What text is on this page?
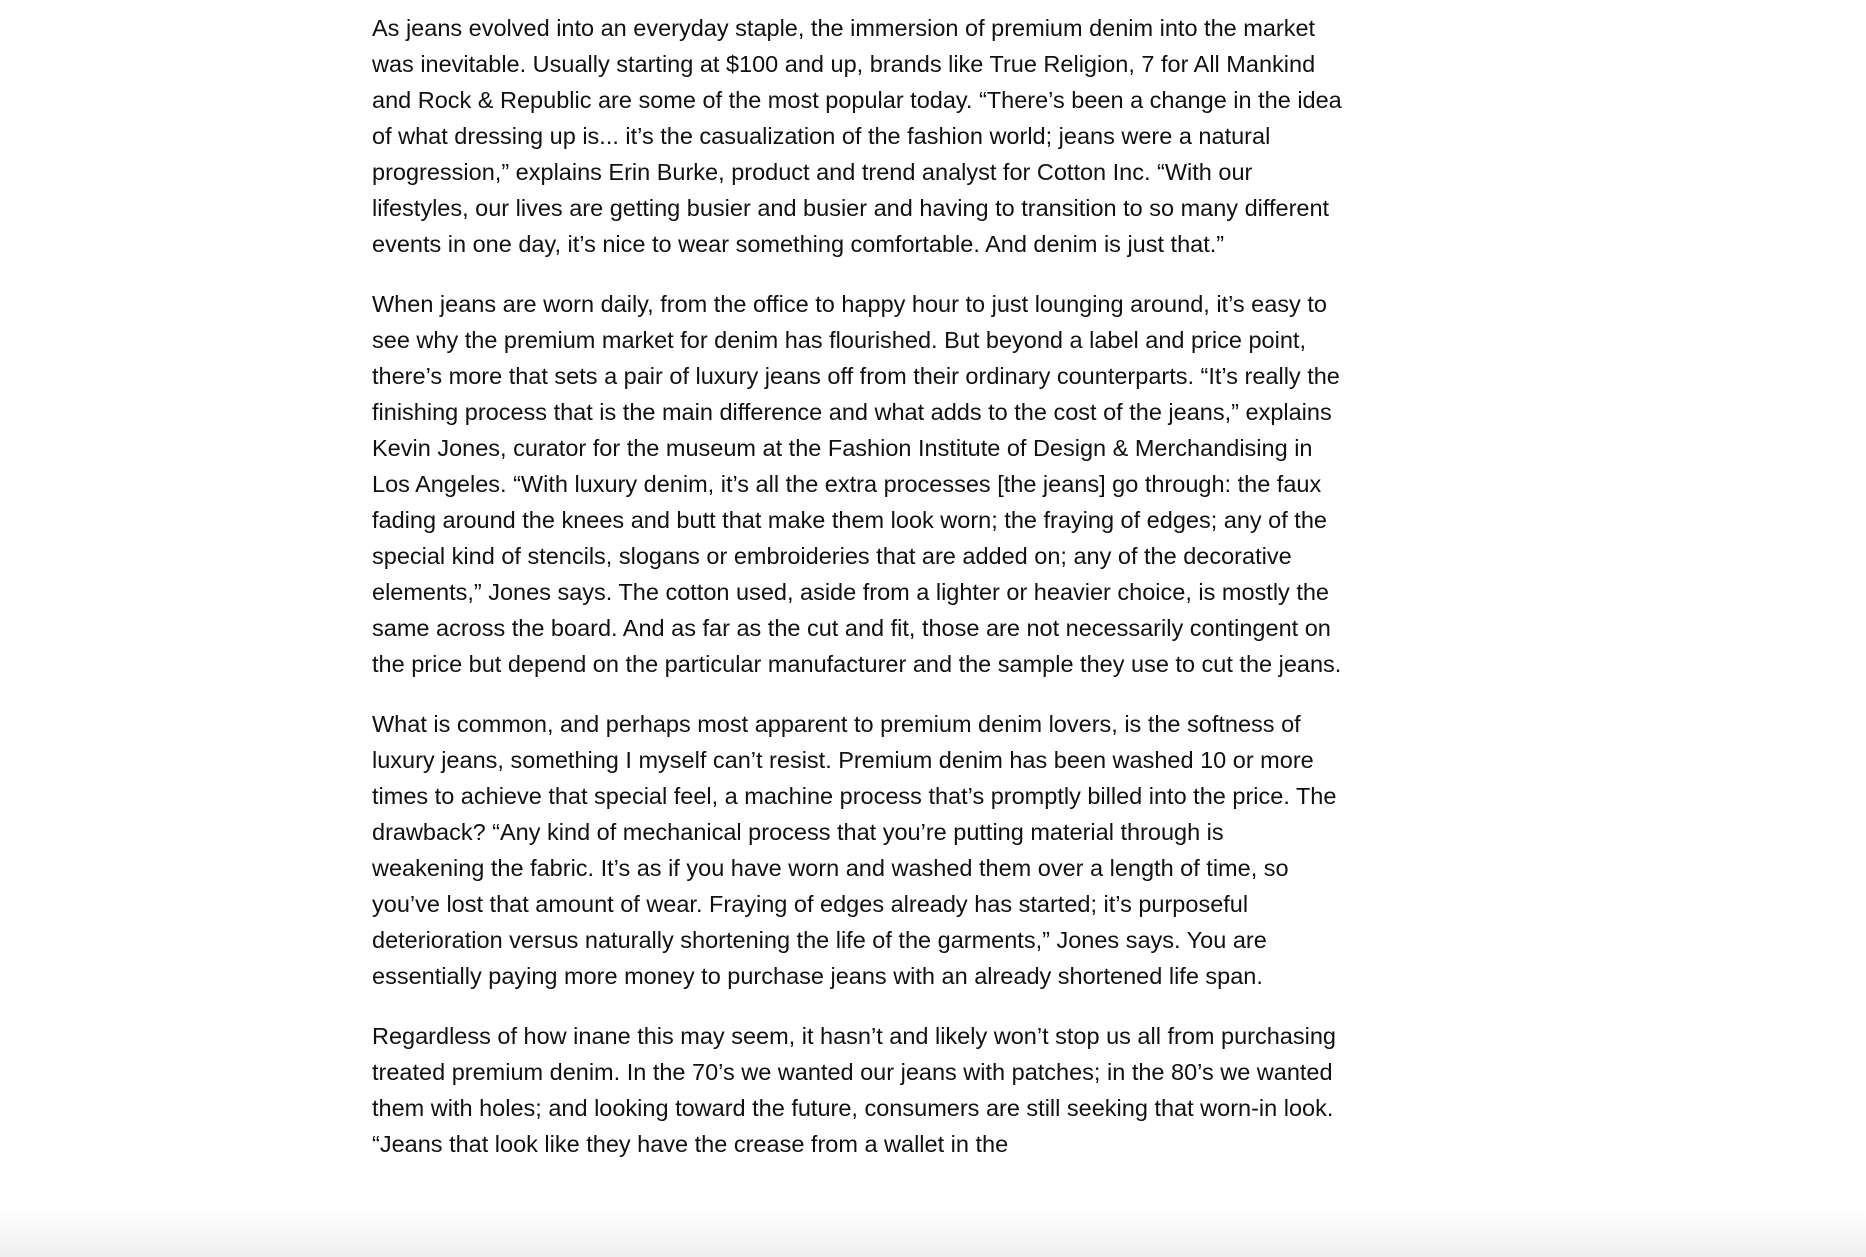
As jeans evolved into an everyday staple, the immersion of premium denim into the market was inevitable. Usually starting at $100 and up, brands like True Religion, 7 for All Mankind and Rock & Republic are some of the most popular today. “There’s been a change in the idea of what dressing up is... it’s the casualization of the fashion world; jeans were a natural progression,” explains Erin Burke, product and trend analyst for Cotton Inc. “With our lifestyles, our lives are getting busier and busier and having to transition to so many different events in one day, it’s nice to wear something comfortable. And denim is just that.”

When jeans are worn daily, from the office to happy hour to just lounging around, it’s easy to see why the premium market for denim has flourished. But beyond a label and price point, there’s more that sets a pair of luxury jeans off from their ordinary counterparts. “It’s really the finishing process that is the main difference and what adds to the cost of the jeans,” explains Kevin Jones, curator for the museum at the Fashion Institute of Design & Merchandising in Los Angeles. “With luxury denim, it’s all the extra processes [the jeans] go through: the faux fading around the knees and butt that make them look worn; the fraying of edges; any of the special kind of stencils, slogans or embroideries that are added on; any of the decorative elements,” Jones says. The cotton used, aside from a lighter or heavier choice, is mostly the same across the board. And as far as the cut and fit, those are not necessarily contingent on the price but depend on the particular manufacturer and the sample they use to cut the jeans.

What is common, and perhaps most apparent to premium denim lovers, is the softness of luxury jeans, something I myself can’t resist. Premium denim has been washed 10 or more times to achieve that special feel, a machine process that’s promptly billed into the price. The drawback? “Any kind of mechanical process that you’re putting material through is weakening the fabric. It’s as if you have worn and washed them over a length of time, so you’ve lost that amount of wear. Fraying of edges already has started; it’s purposeful deterioration versus naturally shortening the life of the garments,” Jones says. You are essentially paying more money to purchase jeans with an already shortened life span.

Regardless of how inane this may seem, it hasn’t and likely won’t stop us all from purchasing treated premium denim. In the 70’s we wanted our jeans with patches; in the 80’s we wanted them with holes; and looking toward the future, consumers are still seeking that worn-in look. “Jeans that look like they have the crease from a wallet in the
